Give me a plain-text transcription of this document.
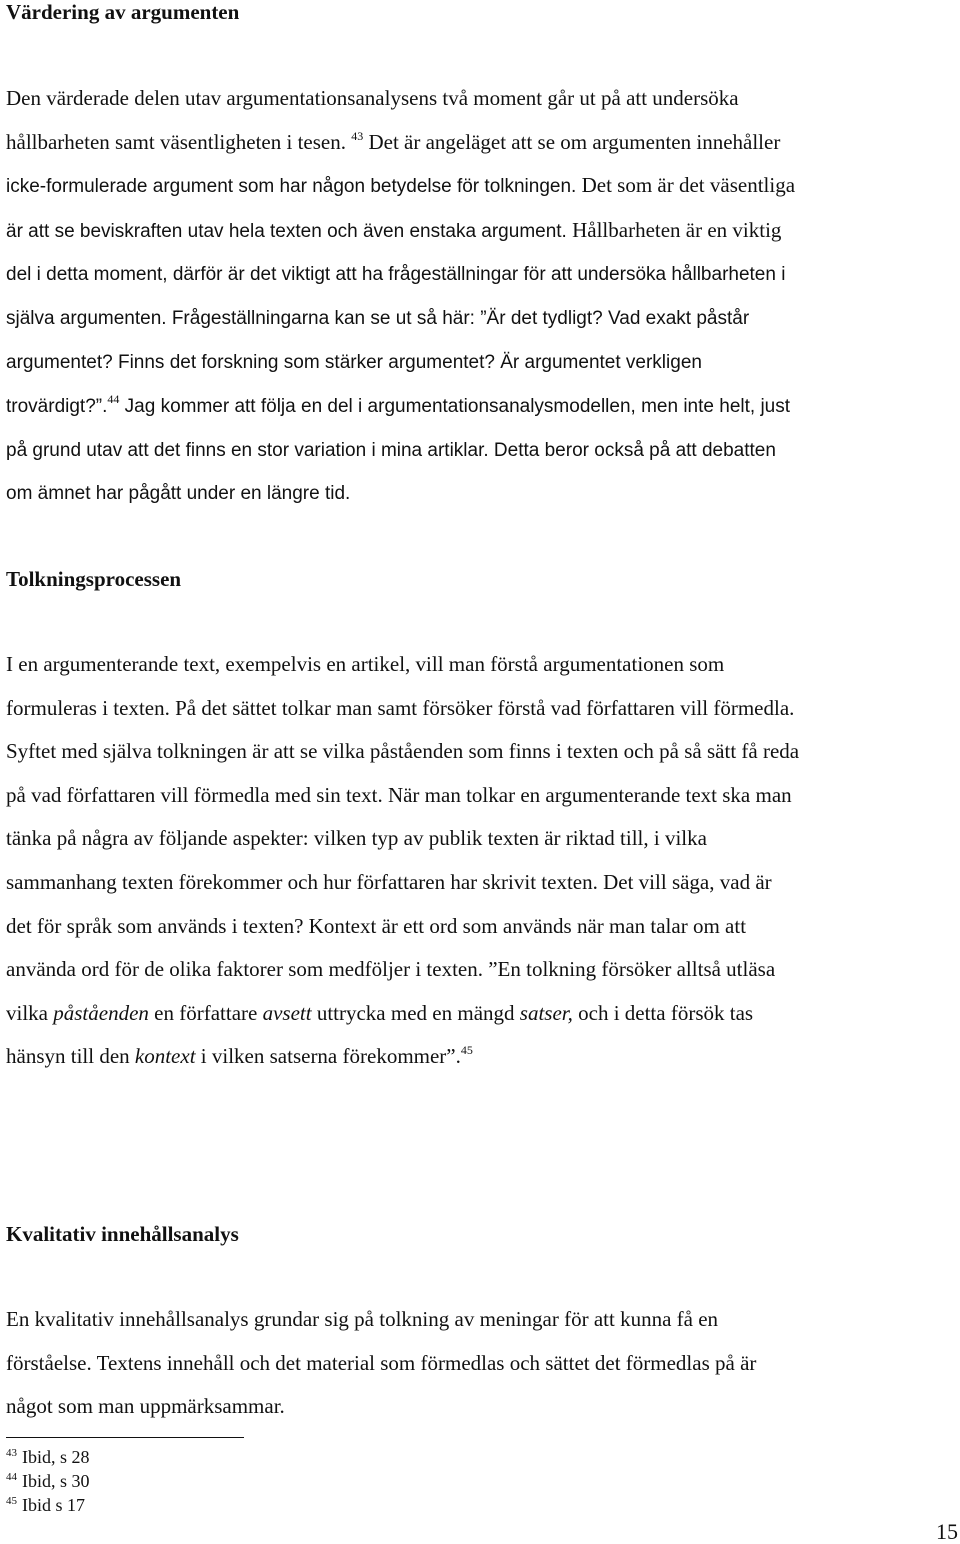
Värdering av argumenten
Den värderade delen utav argumentationsanalysens två moment går ut på att undersöka
hållbarheten samt väsentligheten i tesen. $^{43}$ Det är angeläget att se om argumenten innehåller
icke-formulerade argument som har någon betydelse för tolkningen. Det som är det väsentliga
är att se beviskraften utav hela texten och även enstaka argument. Hållbarheten är en viktig
del i detta moment, därför är det viktigt att ha frågeställningar för att undersöka hållbarheten i
själva argumenten. Frågeställningarna kan se ut så här: ”Är det tydligt? Vad exakt påstår
argumentet? Finns det forskning som stärker argumentet? Är argumentet verkligen
trovärdigt?”.$^{44}$ Jag kommer att följa en del i argumentationsanalysmodellen, men inte helt, just
på grund utav att det finns en stor variation i mina artiklar. Detta beror också på att debatten
om ämnet har pågått under en längre tid.
Tolkningsprocessen
I en argumenterande text, exempelvis en artikel, vill man förstå argumentationen som
formuleras i texten. På det sättet tolkar man samt försöker förstå vad författaren vill förmedla.
Syftet med själva tolkningen är att se vilka påståenden som finns i texten och på så sätt få reda
på vad författaren vill förmedla med sin text. När man tolkar en argumenterande text ska man
tänka på några av följande aspekter: vilken typ av publik texten är riktad till, i vilka
sammanhang texten förekommer och hur författaren har skrivit texten. Det vill säga, vad är
det för språk som används i texten? Kontext är ett ord som används när man talar om att
använda ord för de olika faktorer som medföljer i texten. ”En tolkning försöker alltså utläsa
vilka påståenden en författare avsett uttrycka med en mängd satser, och i detta försök tas
hänsyn till den kontext i vilken satserna förekommer”.$^{45}$
Kvalitativ innehållsanalys
En kvalitativ innehållsanalys grundar sig på tolkning av meningar för att kunna få en
förståelse. Textens innehåll och det material som förmedlas och sättet det förmedlas på är
något som man uppmärksammar.
$^{43}$ Ibid, s 28
$^{44}$ Ibid, s 30
$^{45}$ Ibid s 17
15
